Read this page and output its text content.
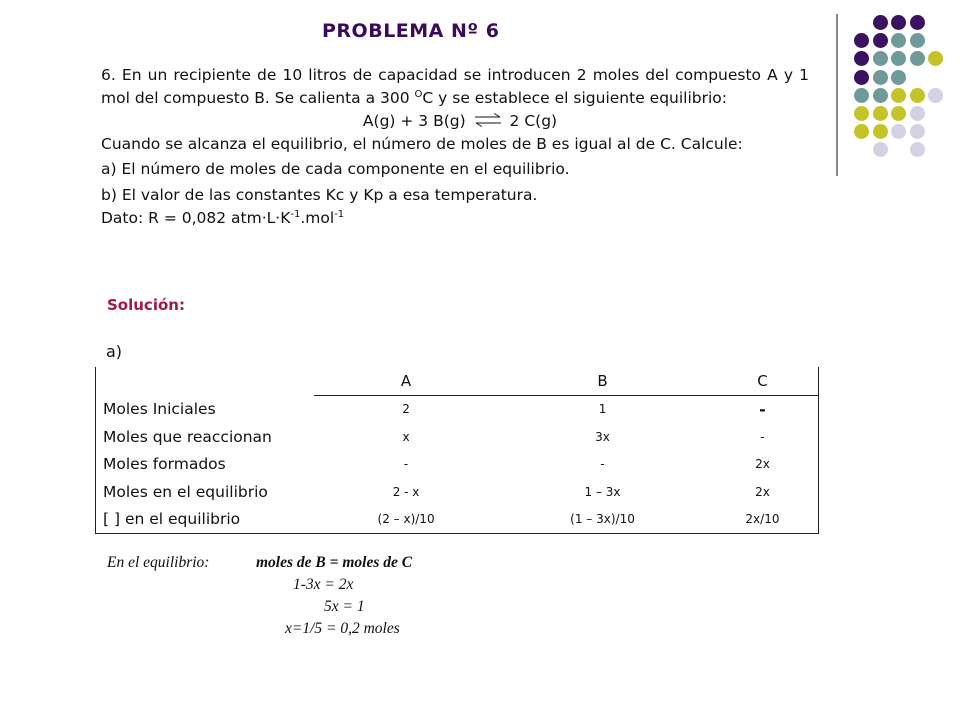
PROBLEMA Nº 6

6. En un recipiente de 10 litros de capacidad se introducen 2 moles del compuesto A y 1 mol del compuesto B. Se calienta a 300 $^O$C y se establece el siguiente equilibrio:

A(g) + 3 B(g) ⇌ 2 C(g)

Cuando se alcanza el equilibrio, el número de moles de B es igual al de C. Calcule:

a) El número de moles de cada componente en el equilibrio.

b) El valor de las constantes Kc y Kp a esa temperatura.

Dato: R = 0,082 $atm\cdot L\cdot K^{-1}.mol^{-1}$

Solución:
a)
	A	B	C
Moles Iniciales	2	1	-
Moles que reaccionan	x	3x	-
Moles formados	-	-	2x
Moles en el equilibrio	2 - x	1 – 3x	2x
[ ] en el equilibrio	(2 – x)/10	(1 – 3x)/10	2x/10
En el equilibrio:	moles de B = moles de C
1-3x = 2x
5x = 1
x=1/5 = 0,2 moles
